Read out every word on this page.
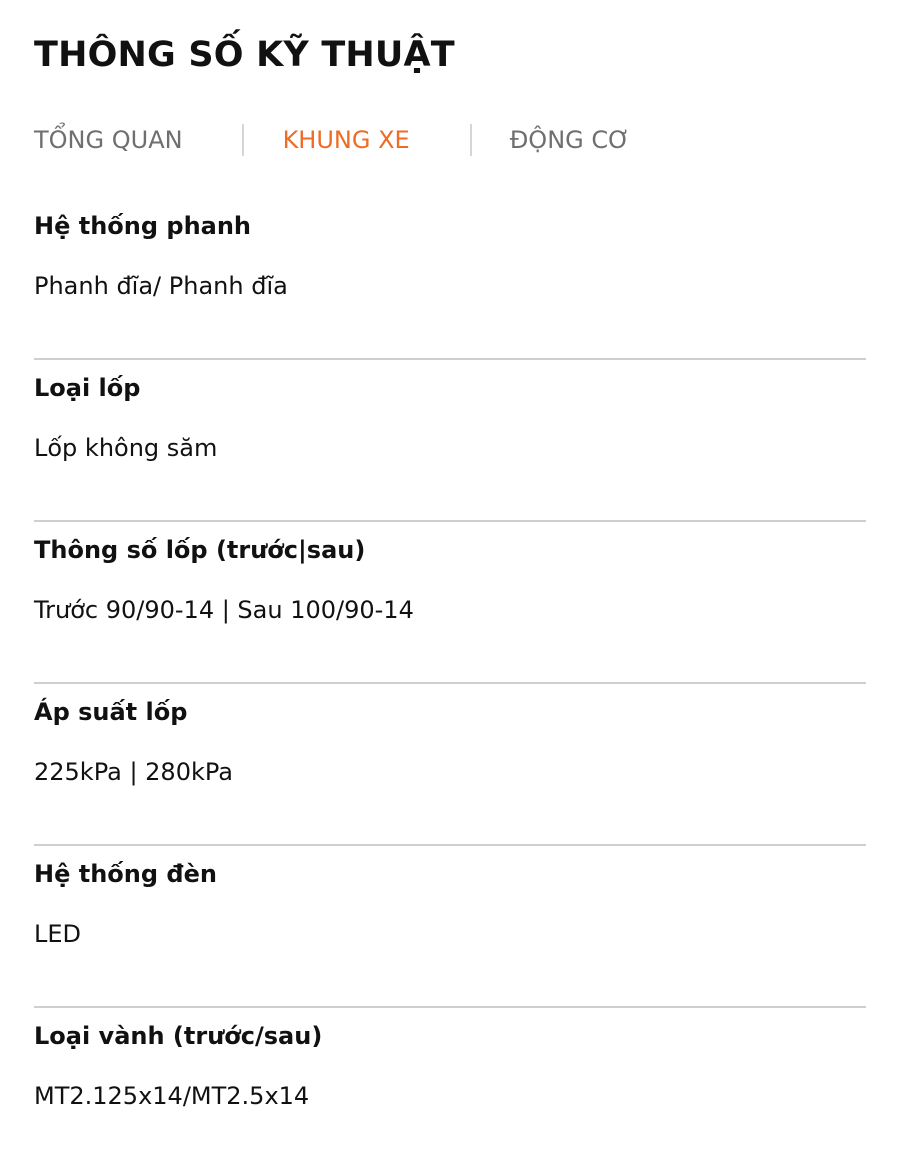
THÔNG SỐ KỸ THUẬT
TỔNG QUAN	KHUNG XE	ĐỘNG CƠ
Hệ thống phanh
Phanh đĩa/ Phanh đĩa
Loại lốp
Lốp không săm
Thông số lốp (trước|sau)
Trước 90/90-14 | Sau 100/90-14
Áp suất lốp
225kPa | 280kPa
Hệ thống đèn
LED
Loại vành (trước/sau)
MT2.125x14/MT2.5x14
